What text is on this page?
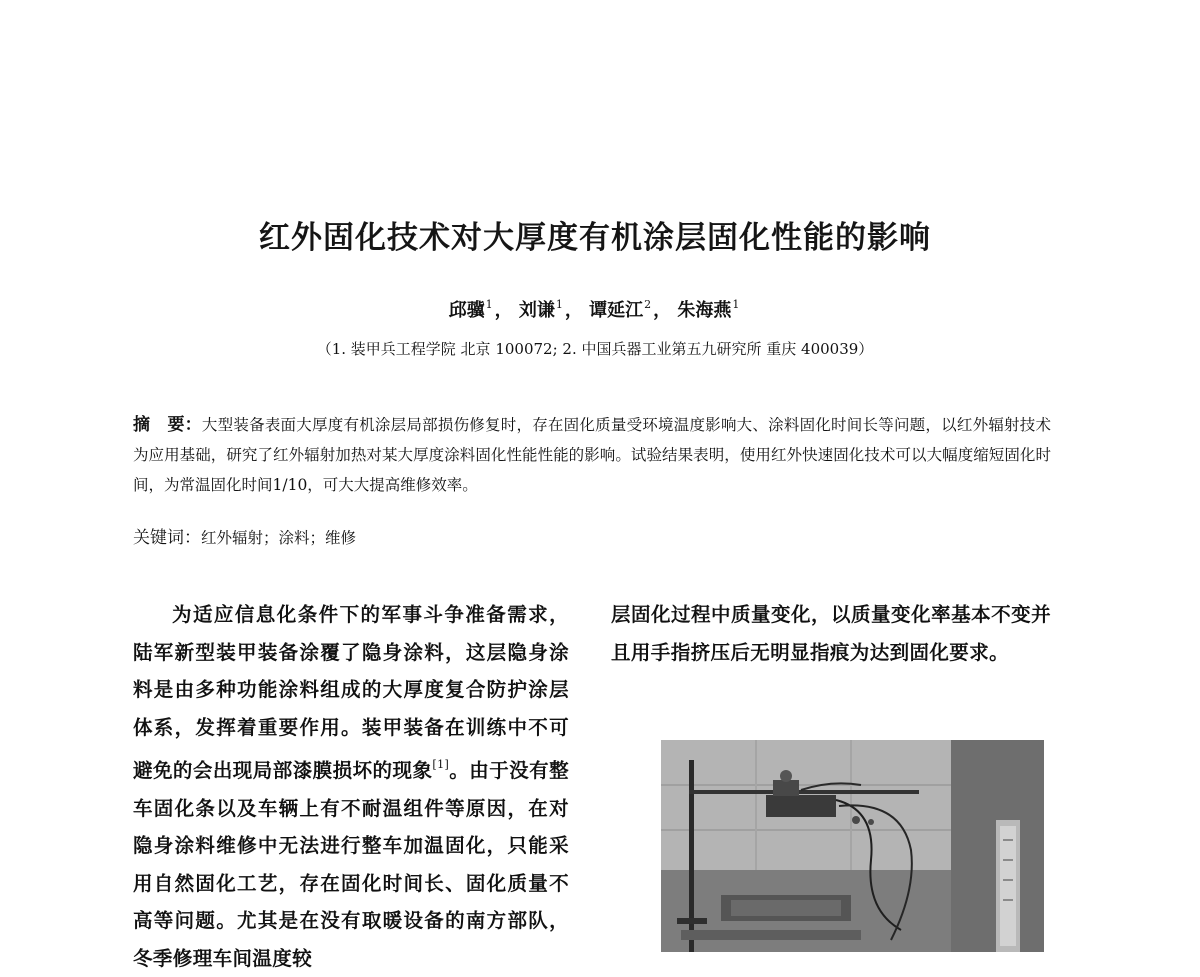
红外固化技术对大厚度有机涂层固化性能的影响
邱骥$^1$ ， 刘谦$^1$ ， 谭延江$^2$ ， 朱海燕$^1$
（1. 装甲兵工程学院 北京 100072; 2. 中国兵器工业第五九研究所 重庆 400039）
摘　要：大型装备表面大厚度有机涂层局部损伤修复时，存在固化质量受环境温度影响大、涂料固化时间长等问题，以红外辐射技术为应用基础，研究了红外辐射加热对某大厚度涂料固化性能性能的影响。试验结果表明，使用红外快速固化技术可以大幅度缩短固化时间，为常温固化时间1/10，可大大提高维修效率。
关键词：红外辐射；涂料；维修
为适应信息化条件下的军事斗争准备需求，陆军新型装甲装备涂覆了隐身涂料，这层隐身涂料是由多种功能涂料组成的大厚度复合防护涂层体系，发挥着重要作用。装甲装备在训练中不可避免的会出现局部漆膜损坏的现象[1]。由于没有整车固化条以及车辆上有不耐温组件等原因，在对隐身涂料维修中无法进行整车加温固化，只能采用自然固化工艺，存在固化时间长、固化质量不高等问题。尤其是在没有取暖设备的南方部队，冬季修理车间温度较
层固化过程中质量变化，以质量变化率基本不变并且用手指挤压后无明显指痕为达到固化要求。
